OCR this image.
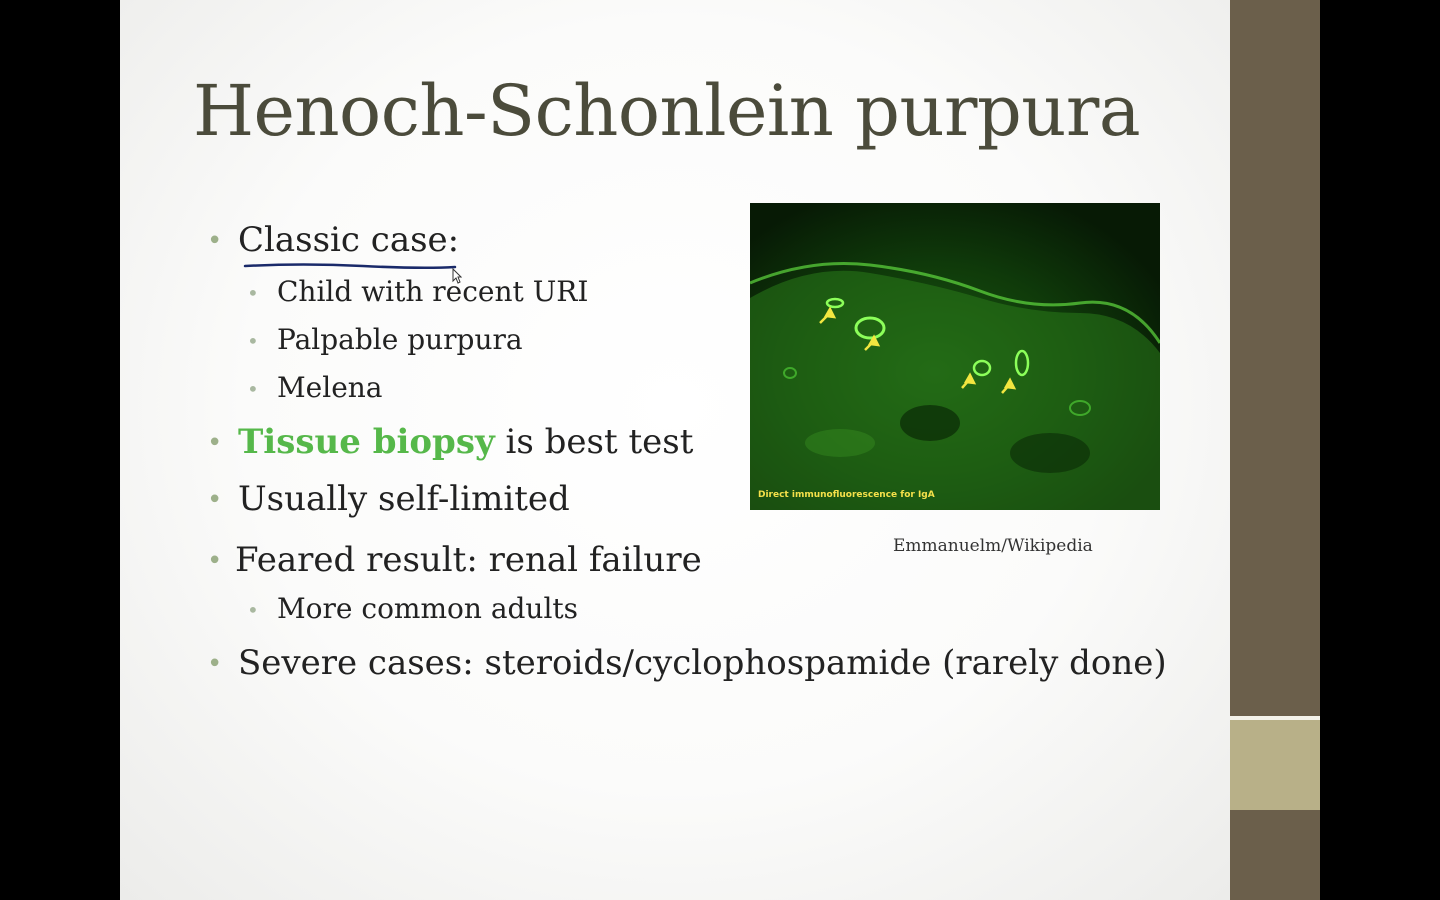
Henoch-Schonlein purpura
• Classic case:
• Child with recent URI
• Palpable purpura
• Melena
• Tissue biopsy is best test
• Usually self-limited
• Feared result: renal failure
• More common adults
• Severe cases: steroids/cyclophospamide (rarely done)
Direct immunofluorescence for IgA
Emmanuelm/Wikipedia
